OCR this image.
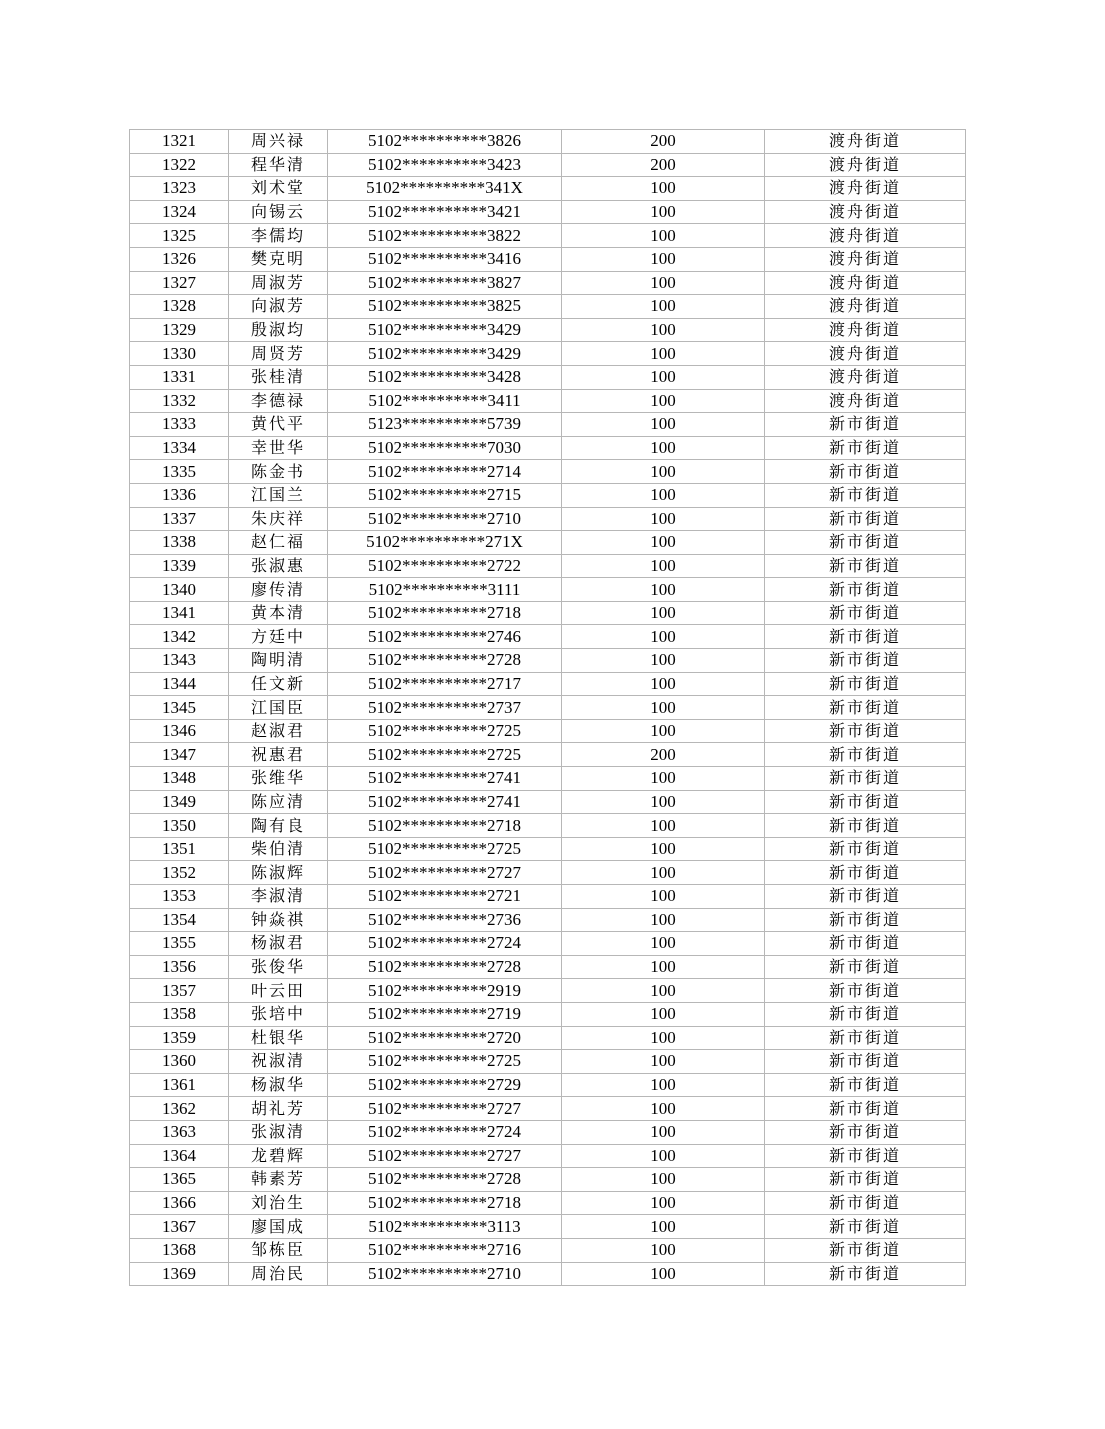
1321	周兴禄	5102**********3826	200	渡舟街道
1322	程华清	5102**********3423	200	渡舟街道
1323	刘术堂	5102**********341X	100	渡舟街道
1324	向锡云	5102**********3421	100	渡舟街道
1325	李儒均	5102**********3822	100	渡舟街道
1326	樊克明	5102**********3416	100	渡舟街道
1327	周淑芳	5102**********3827	100	渡舟街道
1328	向淑芳	5102**********3825	100	渡舟街道
1329	殷淑均	5102**********3429	100	渡舟街道
1330	周贤芳	5102**********3429	100	渡舟街道
1331	张桂清	5102**********3428	100	渡舟街道
1332	李德禄	5102**********3411	100	渡舟街道
1333	黄代平	5123**********5739	100	新市街道
1334	幸世华	5102**********7030	100	新市街道
1335	陈金书	5102**********2714	100	新市街道
1336	江国兰	5102**********2715	100	新市街道
1337	朱庆祥	5102**********2710	100	新市街道
1338	赵仁福	5102**********271X	100	新市街道
1339	张淑惠	5102**********2722	100	新市街道
1340	廖传清	5102**********3111	100	新市街道
1341	黄本清	5102**********2718	100	新市街道
1342	方廷中	5102**********2746	100	新市街道
1343	陶明清	5102**********2728	100	新市街道
1344	任文新	5102**********2717	100	新市街道
1345	江国臣	5102**********2737	100	新市街道
1346	赵淑君	5102**********2725	100	新市街道
1347	祝惠君	5102**********2725	200	新市街道
1348	张维华	5102**********2741	100	新市街道
1349	陈应清	5102**********2741	100	新市街道
1350	陶有良	5102**********2718	100	新市街道
1351	柴伯清	5102**********2725	100	新市街道
1352	陈淑辉	5102**********2727	100	新市街道
1353	李淑清	5102**********2721	100	新市街道
1354	钟焱祺	5102**********2736	100	新市街道
1355	杨淑君	5102**********2724	100	新市街道
1356	张俊华	5102**********2728	100	新市街道
1357	叶云田	5102**********2919	100	新市街道
1358	张培中	5102**********2719	100	新市街道
1359	杜银华	5102**********2720	100	新市街道
1360	祝淑清	5102**********2725	100	新市街道
1361	杨淑华	5102**********2729	100	新市街道
1362	胡礼芳	5102**********2727	100	新市街道
1363	张淑清	5102**********2724	100	新市街道
1364	龙碧辉	5102**********2727	100	新市街道
1365	韩素芳	5102**********2728	100	新市街道
1366	刘治生	5102**********2718	100	新市街道
1367	廖国成	5102**********3113	100	新市街道
1368	邹栋臣	5102**********2716	100	新市街道
1369	周治民	5102**********2710	100	新市街道
